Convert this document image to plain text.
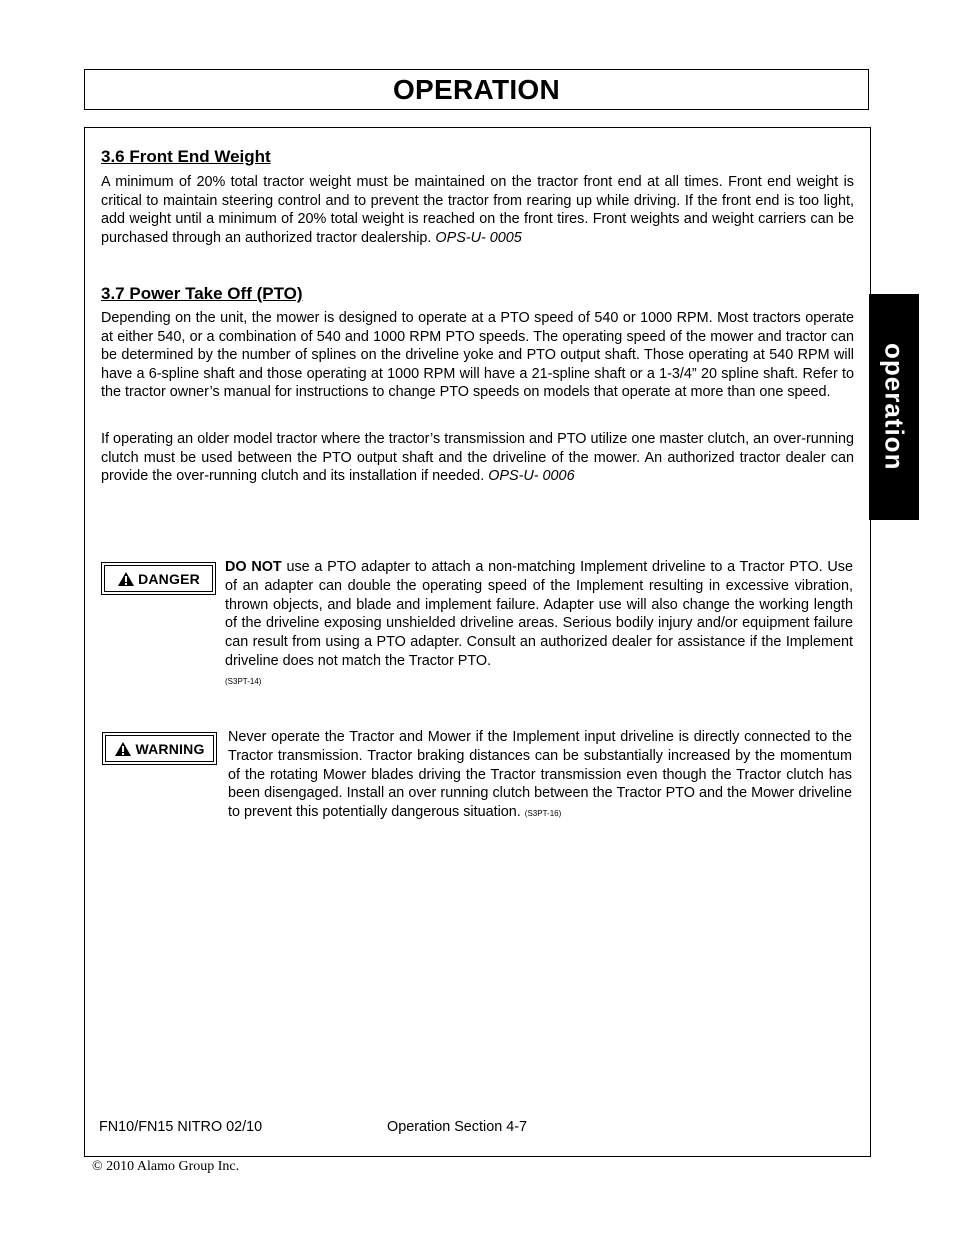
OPERATION
operation
3.6 Front End Weight

A minimum of 20% total tractor weight must be maintained on the tractor front end at all times. Front end weight is critical to maintain steering control and to prevent the tractor from rearing up while driving. If the front end is too light, add weight until a minimum of 20% total weight is reached on the front tires. Front weights and weight carriers can be purchased through an authorized tractor dealership. OPS-U- 0005

3.7 Power Take Off (PTO)

Depending on the unit, the mower is designed to operate at a PTO speed of 540 or 1000 RPM. Most tractors operate at either 540, or a combination of 540 and 1000 RPM PTO speeds. The operating speed of the mower and tractor can be determined by the number of splines on the driveline yoke and PTO output shaft. Those operating at 540 RPM will have a 6-spline shaft and those operating at 1000 RPM will have a 21-spline shaft or a 1-3/4” 20 spline shaft. Refer to the tractor owner’s manual for instructions to change PTO speeds on models that operate at more than one speed.

If operating an older model tractor where the tractor’s transmission and PTO utilize one master clutch, an over-running clutch must be used between the PTO output shaft and the driveline of the mower. An authorized tractor dealer can provide the over-running clutch and its installation if needed. OPS-U- 0006

DANGER

DO NOT use a PTO adapter to attach a non-matching Implement driveline to a Tractor PTO. Use of an adapter can double the operating speed of the Implement resulting in excessive vibration, thrown objects, and blade and implement failure. Adapter use will also change the working length of the driveline exposing unshielded driveline areas. Serious bodily injury and/or equipment failure can result from using a PTO adapter. Consult an authorized dealer for assistance if the Implement driveline does not match the Tractor PTO.
(S3PT-14)

WARNING

Never operate the Tractor and Mower if the Implement input driveline is directly connected to the Tractor transmission. Tractor braking distances can be substantially increased by the momentum of the rotating Mower blades driving the Tractor transmission even though the Tractor clutch has been disengaged. Install an over running clutch between the Tractor PTO and the Mower driveline to prevent this potentially dangerous situation. (S3PT-16)

FN10/FN15 NITRO 02/10	Operation Section 4-7
© 2010 Alamo Group Inc.
